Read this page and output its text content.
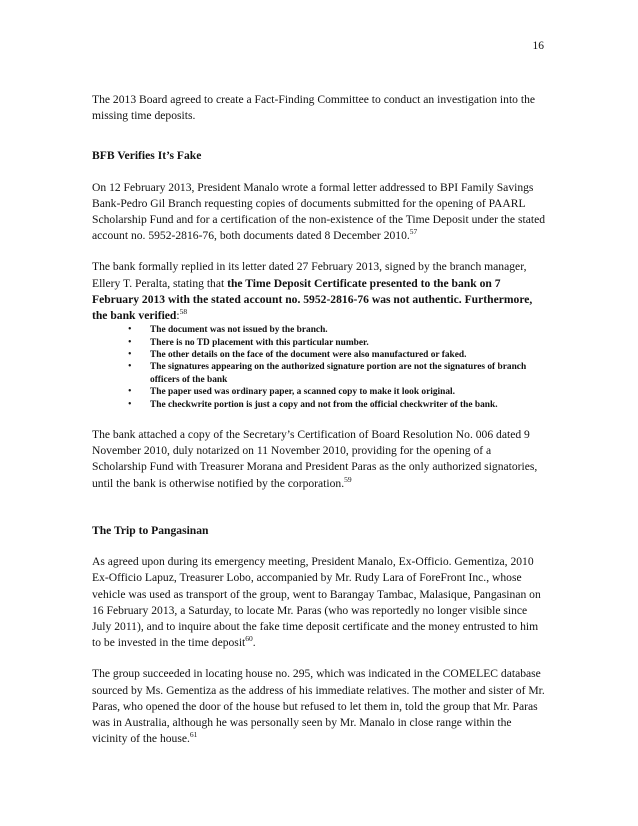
16

The 2013 Board agreed to create a Fact-Finding Committee to conduct an investigation into the missing time deposits.

BFB Verifies It’s Fake

On 12 February 2013, President Manalo wrote a formal letter addressed to BPI Family Savings Bank-Pedro Gil Branch requesting copies of documents submitted for the opening of PAARL Scholarship Fund and for a certification of the non-existence of the Time Deposit under the stated account no. 5952-2816-76, both documents dated 8 December 2010.57

The bank formally replied in its letter dated 27 February 2013, signed by the branch manager, Ellery T. Peralta, stating that the Time Deposit Certificate presented to the bank on 7 February 2013 with the stated account no. 5952-2816-76 was not authentic. Furthermore, the bank verified:$^{58}$

• The document was not issued by the branch.
• There is no TD placement with this particular number.
• The other details on the face of the document were also manufactured or faked.
• The signatures appearing on the authorized signature portion are not the signatures of branch officers of the bank
• The paper used was ordinary paper, a scanned copy to make it look original.
• The checkwrite portion is just a copy and not from the official checkwriter of the bank.

The bank attached a copy of the Secretary’s Certification of Board Resolution No. 006 dated 9 November 2010, duly notarized on 11 November 2010, providing for the opening of a Scholarship Fund with Treasurer Morana and President Paras as the only authorized signatories, until the bank is otherwise notified by the corporation.$^{59}$

The Trip to Pangasinan

As agreed upon during its emergency meeting, President Manalo, Ex-Officio. Gementiza, 2010 Ex-Officio Lapuz, Treasurer Lobo, accompanied by Mr. Rudy Lara of ForeFront Inc., whose vehicle was used as transport of the group, went to Barangay Tambac, Malasique, Pangasinan on 16 February 2013, a Saturday, to locate Mr. Paras (who was reportedly no longer visible since July 2011), and to inquire about the fake time deposit certificate and the money entrusted to him to be invested in the time deposit$^{60}$.

The group succeeded in locating house no. 295, which was indicated in the COMELEC database sourced by Ms. Gementiza as the address of his immediate relatives. The mother and sister of Mr. Paras, who opened the door of the house but refused to let them in, told the group that Mr. Paras was in Australia, although he was personally seen by Mr. Manalo in close range within the vicinity of the house.$^{61}$
